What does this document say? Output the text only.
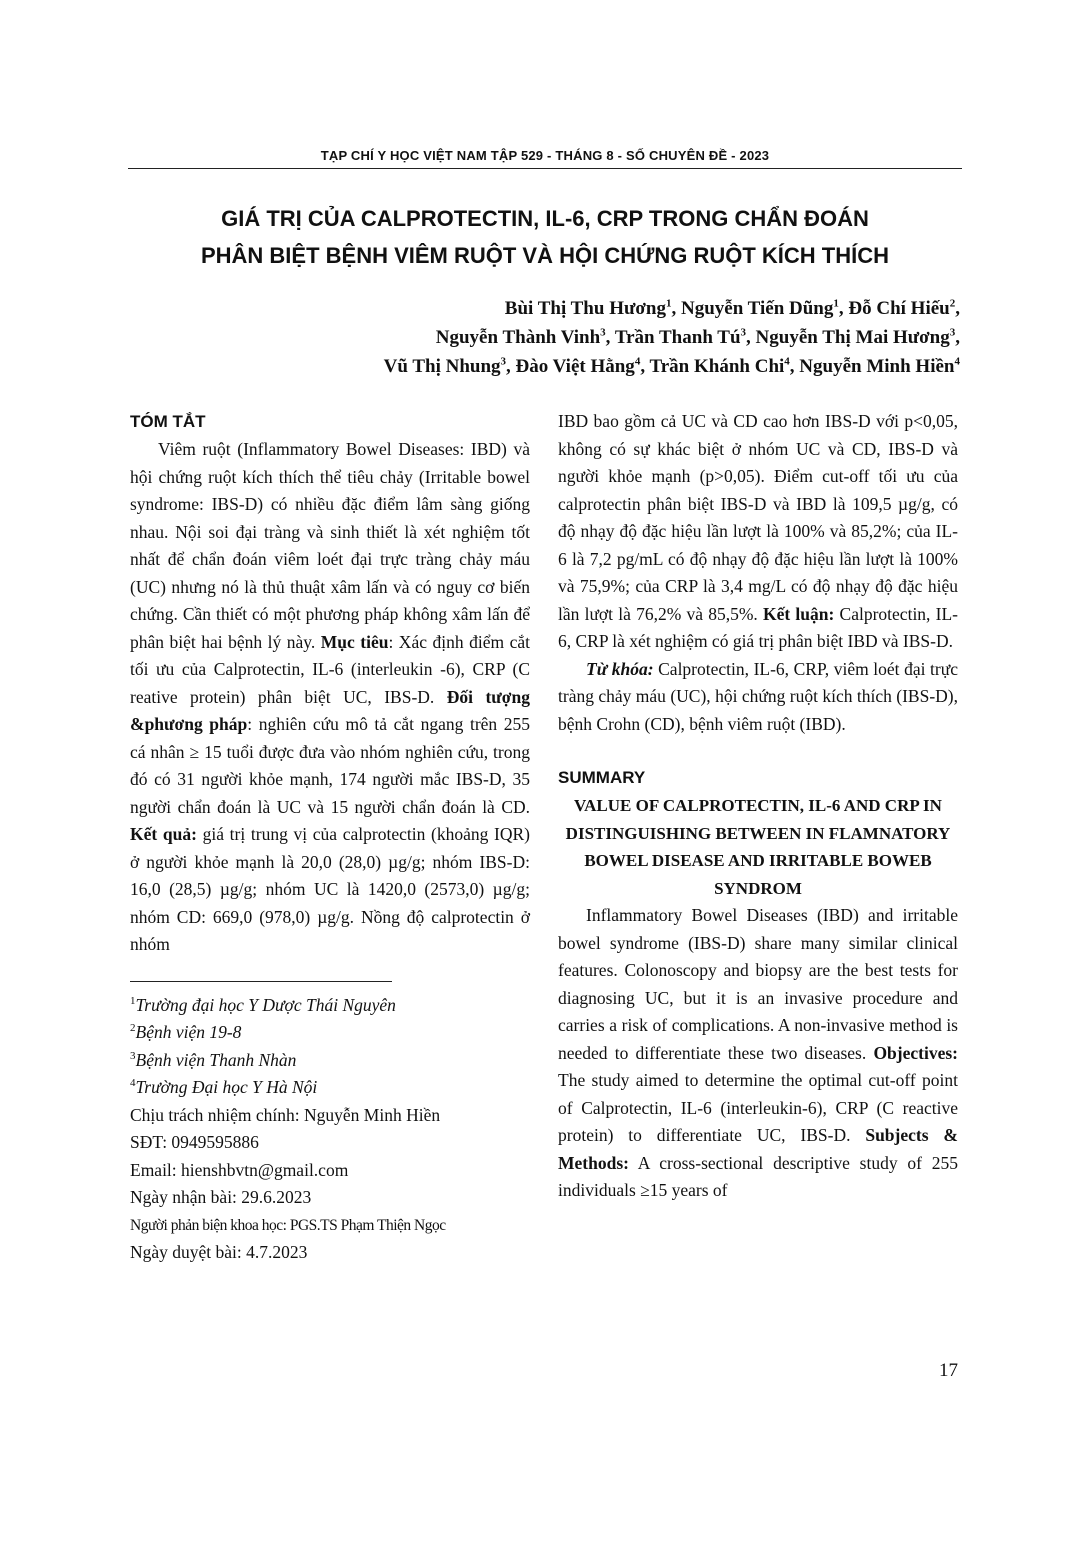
TẠP CHÍ Y HỌC VIỆT NAM TẬP 529 - THÁNG 8 - SỐ CHUYÊN ĐỀ - 2023
GIÁ TRỊ CỦA CALPROTECTIN, IL-6, CRP TRONG CHẨN ĐOÁN
PHÂN BIỆT BỆNH VIÊM RUỘT VÀ HỘI CHỨNG RUỘT KÍCH THÍCH
Bùi Thị Thu Hương$^1$, Nguyễn Tiến Dũng$^1$, Đỗ Chí Hiếu$^2$,
Nguyễn Thành Vinh$^3$, Trần Thanh $Tú^3$, Nguyễn Thị Mai Hương$^3$,
Vũ Thị Nhung$^3$, Đào Việt Hằng$^4$, Trần Khánh Chi$^4$, Nguyễn Minh Hiền$^4$

TÓM TẮT

Viêm ruột (Inflammatory Bowel Diseases: IBD) và hội chứng ruột kích thích thể tiêu chảy (Irritable bowel syndrome: IBS-D) có nhiều đặc điểm lâm sàng giống nhau. Nội soi đại tràng và sinh thiết là xét nghiệm tốt nhất để chẩn đoán viêm loét đại trực tràng chảy máu (UC) nhưng nó là thủ thuật xâm lấn và có nguy cơ biến chứng. Cần thiết có một phương pháp không xâm lấn để phân biệt hai bệnh lý này. Mục tiêu: Xác định điểm cắt tối ưu của Calprotectin, IL-6 (interleukin -6), CRP (C reative protein) phân biệt UC, IBS-D. Đối tượng &phương pháp: nghiên cứu mô tả cắt ngang trên 255 cá nhân ≥ 15 tuổi được đưa vào nhóm nghiên cứu, trong đó có 31 người khỏe mạnh, 174 người mắc IBS-D, 35 người chẩn đoán là UC và 15 người chẩn đoán là CD. Kết quả: giá trị trung vị của calprotectin (khoảng IQR) ở người khỏe mạnh là 20,0 (28,0) µg/g; nhóm IBS-D: 16,0 (28,5) µg/g; nhóm UC là 1420,0 (2573,0) µg/g; nhóm CD: 669,0 (978,0) µg/g. Nồng độ calprotectin ở nhóm

$^1$Trường đại học Y Dược Thái Nguyên
$^2$Bệnh viện 19-8
$^3$Bệnh viện Thanh Nhàn
$^4$Trường Đại học Y Hà Nội
Chịu trách nhiệm chính: Nguyễn Minh Hiền
SĐT: 0949595886
Email: hienshbvtn@gmail.com
Ngày nhận bài: 29.6.2023
Người phản biện khoa học: PGS.TS Phạm Thiện Ngọc
Ngày duyệt bài: 4.7.2023

IBD bao gồm cả UC và CD cao hơn IBS-D với p<0,05, không có sự khác biệt ở nhóm UC và CD, IBS-D và người khỏe mạnh (p>0,05). Điểm cut-off tối ưu của calprotectin phân biệt IBS-D và IBD là 109,5 µg/g, có độ nhạy độ đặc hiệu lần lượt là 100% và 85,2%; của IL-6 là 7,2 pg/mL có độ nhạy độ đặc hiệu lần lượt là 100% và 75,9%; của CRP là 3,4 mg/L có độ nhạy độ đặc hiệu lần lượt là 76,2% và 85,5%. Kết luận: Calprotectin, IL-6, CRP là xét nghiệm có giá trị phân biệt IBD và IBS-D.

Từ khóa: Calprotectin, IL-6, CRP, viêm loét đại trực tràng chảy máu (UC), hội chứng ruột kích thích (IBS-D), bệnh Crohn (CD), bệnh viêm ruột (IBD).

SUMMARY

VALUE OF CALPROTECTIN, IL-6 AND CRP IN DISTINGUISHING BETWEEN IN FLAMNATORY BOWEL DISEASE AND IRRITABLE BOWEB SYNDROM

Inflammatory Bowel Diseases (IBD) and irritable bowel syndrome (IBS-D) share many similar clinical features. Colonoscopy and biopsy are the best tests for diagnosing UC, but it is an invasive procedure and carries a risk of complications. A non-invasive method is needed to differentiate these two diseases. Objectives: The study aimed to determine the optimal cut-off point of Calprotectin, IL-6 (interleukin-6), CRP (C reactive protein) to differentiate UC, IBS-D. Subjects & Methods: A cross-sectional descriptive study of 255 individuals ≥15 years of

17
